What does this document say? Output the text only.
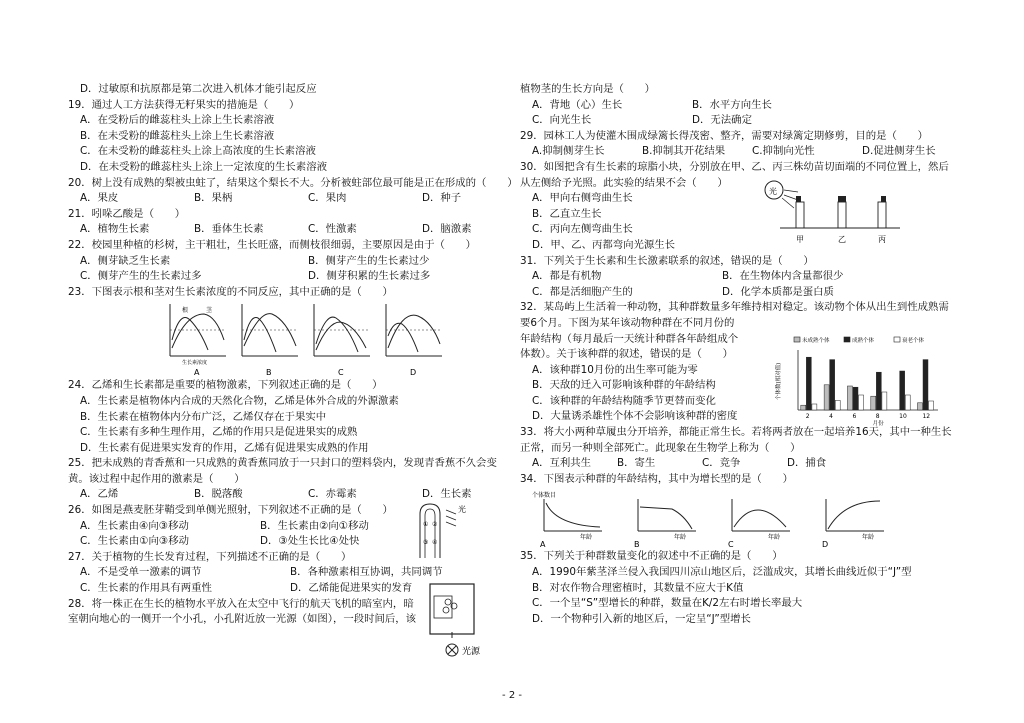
D．过敏原和抗原都是第二次进入机体才能引起反应
19．通过人工方法获得无籽果实的措施是（　　）
A．在受粉后的雌蕊柱头上涂上生长素溶液
B．在未受粉的雌蕊柱头上涂上生长素溶液
C．在未受粉的雌蕊柱头上涂上高浓度的生长素溶液
D．在未受粉的雌蕊柱头上涂上一定浓度的生长素溶液
20．树上没有成熟的梨被虫蛀了，结果这个梨长不大。分析被蛀部位最可能是正在形成的（　　）
A．果皮	B．果柄	C．果肉	D．种子
21．吲哚乙酸是（　　）
A．植物生长素	B．垂体生长素	C．性激素	D．脑激素
22．校园里种植的杉树，主干粗壮，生长旺盛，而侧枝很细弱，主要原因是由于（　　）
A．侧芽缺乏生长素	B．侧芽产生的生长素过少
C．侧芽产生的生长素过多	D．侧芽积累的生长素过多
23．下图表示根和茎对生长素浓度的不同反应，其中正确的是（　　）
根	茎
生长素浓度
A	B	C	D
24．乙烯和生长素都是重要的植物激素，下列叙述正确的是（　　）
A．生长素是植物体内合成的天然化合物，乙烯是体外合成的外源激素
B．生长素在植物体内分布广泛，乙烯仅存在于果实中
C．生长素有多种生理作用，乙烯的作用只是促进果实的成熟
D．生长素有促进果实发育的作用，乙烯有促进果实成熟的作用
25．把未成熟的青香蕉和一只成熟的黄香蕉同放于一只封口的塑料袋内，发现青香蕉不久会变
黄。该过程中起作用的激素是（　　）
A．乙烯	B．脱落酸	C．赤霉素	D．生长素
26．如图是燕麦胚芽鞘受到单侧光照射，下列叙述不正确的是（　　）
A．生长素由④向③移动	B．生长素由②向①移动
C．生长素由①向③移动	D．③处生长比④处快
27．关于植物的生长发育过程，下列描述不正确的是（　　）
A．不是受单一激素的调节	B．各种激素相互协调，共同调节
C．生长素的作用具有两重性	D．乙烯能促进果实的发育
28．将一株正在生长的植物水平放入在太空中飞行的航天飞机的暗室内，暗
室朝向地心的一侧开一个小孔，小孔附近放一光源（如图），一段时间后，该
① ②
③ ④
光
光源
植物茎的生长方向是（　　）
A．背地（心）生长	B．水平方向生长
C．向光生长	D．无法确定
29．园林工人为使灌木围成绿篱长得茂密、整齐，需要对绿篱定期修剪，目的是（　　）
A.抑制侧芽生长	B.抑制其开花结果	C.抑制向光性	D.促进侧芽生长
30．如图把含有生长素的琼脂小块，分别放在甲、乙、丙三株幼苗切面端的不同位置上，然后
从左侧给予光照。此实验的结果不会（　　）
A．甲向右侧弯曲生长
B．乙直立生长
C．丙向左侧弯曲生长
D．甲、乙、丙都弯向光源生长
31．下列关于生长素和生长激素联系的叙述，错误的是（　　）
A．都是有机物	B．在生物体内含量都很少
C．都是活细胞产生的	D．化学本质都是蛋白质
32．某岛屿上生活着一种动物，其种群数量多年维持相对稳定。该动物个体从出生到性成熟需
要6个月。下图为某年该动物种群在不同月份的
年龄结构（每月最后一天统计种群各年龄组成个
体数）。关于该种群的叙述，错误的是（　　）
A．该种群10月份的出生率可能为零
B．天敌的迁入可影响该种群的年龄结构
C．该种群的年龄结构随季节更替而变化
D．大量诱杀雄性个体不会影响该种群的密度
33．将大小两种草履虫分开培养，都能正常生长。若将两者放在一起培养16天，其中一种生长
正常，而另一种则全部死亡。此现象在生物学上称为（　　）
A．互利共生	B．寄生	C．竞争	D．捕食
34．下图表示种群的年龄结构，其中为增长型的是（　　）
个体数目
年龄
A
年龄
B
年龄
C
年龄
D
35．下列关于种群数量变化的叙述中不正确的是（　　）
A．1990年紫茎泽兰侵入我国四川凉山地区后，泛滥成灾，其增长曲线近似于“J”型
B．对农作物合理密植时，其数量不应大于K值
C．一个呈“S”型增长的种群，数量在K/2左右时增长率最大
D．一个物种引入新的地区后，一定呈“J”型增长
光
甲	乙	丙
未成熟个体	成熟个体	衰老个体
个体数(相对值)
2	4	6	8	10	12
月份
- 2 -
